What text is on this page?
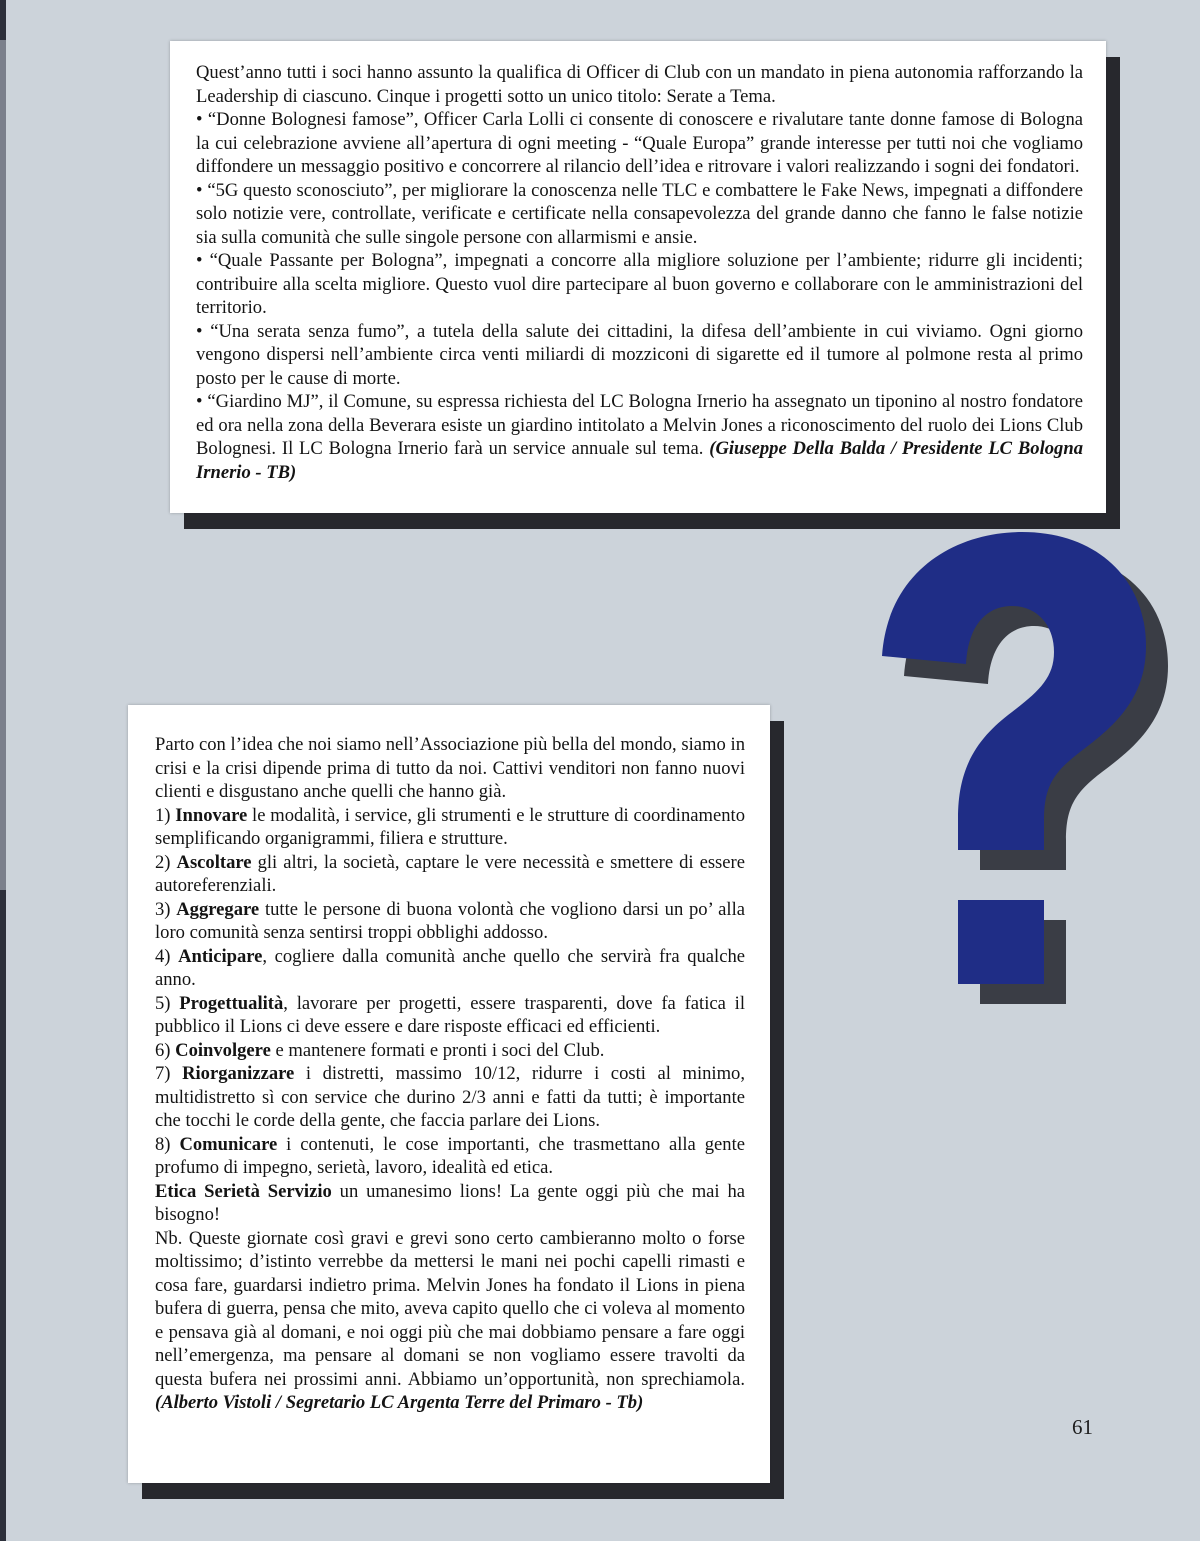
Quest’anno tutti i soci hanno assunto la qualifica di Officer di Club con un mandato in piena autonomia rafforzando la Leadership di ciascuno. Cinque i progetti sotto un unico titolo: Serate a Tema.

• “Donne Bolognesi famose”, Officer Carla Lolli ci consente di conoscere e rivalutare tante donne famose di Bologna la cui celebrazione avviene all’apertura di ogni meeting - “Quale Europa” grande interesse per tutti noi che vogliamo diffondere un messaggio positivo e concorrere al rilancio dell’idea e ritrovare i valori realizzando i sogni dei fondatori.

• “5G questo sconosciuto”, per migliorare la conoscenza nelle TLC e combattere le Fake News, impegnati a diffondere solo notizie vere, controllate, verificate e certificate nella consapevolezza del grande danno che fanno le false notizie sia sulla comunità che sulle singole persone con allarmismi e ansie.

• “Quale Passante per Bologna”, impegnati a concorre alla migliore soluzione per l’ambiente; ridurre gli incidenti; contribuire alla scelta migliore. Questo vuol dire partecipare al buon governo e collaborare con le amministrazioni del territorio.

• “Una serata senza fumo”, a tutela della salute dei cittadini, la difesa dell’ambiente in cui viviamo. Ogni giorno vengono dispersi nell’ambiente circa venti miliardi di mozziconi di sigarette ed il tumore al polmone resta al primo posto per le cause di morte.

• “Giardino MJ”, il Comune, su espressa richiesta del LC Bologna Irnerio ha assegnato un tiponino al nostro fondatore ed ora nella zona della Beverara esiste un giardino intitolato a Melvin Jones a riconoscimento del ruolo dei Lions Club Bolognesi. Il LC Bologna Irnerio farà un service annuale sul tema. (Giuseppe Della Balda / Presidente LC Bologna Irnerio - TB)

Parto con l’idea che noi siamo nell’Associazione più bella del mondo, siamo in crisi e la crisi dipende prima di tutto da noi. Cattivi venditori non fanno nuovi clienti e disgustano anche quelli che hanno già.

1) Innovare le modalità, i service, gli strumenti e le strutture di coordinamento semplificando organigrammi, filiera e strutture.

2) Ascoltare gli altri, la società, captare le vere necessità e smettere di essere autoreferenziali.

3) Aggregare tutte le persone di buona volontà che vogliono darsi un po’ alla loro comunità senza sentirsi troppi obblighi addosso.

4) Anticipare, cogliere dalla comunità anche quello che servirà fra qualche anno.

5) Progettualità, lavorare per progetti, essere trasparenti, dove fa fatica il pubblico il Lions ci deve essere e dare risposte efficaci ed efficienti.

6) Coinvolgere e mantenere formati e pronti i soci del Club.

7) Riorganizzare i distretti, massimo 10/12, ridurre i costi al minimo, multidistretto sì con service che durino 2/3 anni e fatti da tutti; è importante che tocchi le corde della gente, che faccia parlare dei Lions.

8) Comunicare i contenuti, le cose importanti, che trasmettano alla gente profumo di impegno, serietà, lavoro, idealità ed etica.

Etica Serietà Servizio un umanesimo lions! La gente oggi più che mai ha bisogno!

Nb. Queste giornate così gravi e grevi sono certo cambieranno molto o forse moltissimo; d’istinto verrebbe da mettersi le mani nei pochi capelli rimasti e cosa fare, guardarsi indietro prima. Melvin Jones ha fondato il Lions in piena bufera di guerra, pensa che mito, aveva capito quello che ci voleva al momento e pensava già al domani, e noi oggi più che mai dobbiamo pensare a fare oggi nell’emergenza, ma pensare al domani se non vogliamo essere travolti da questa bufera nei prossimi anni. Abbiamo un’opportunità, non sprechiamola. (Alberto Vistoli / Segretario LC Argenta Terre del Primaro - Tb)

61
